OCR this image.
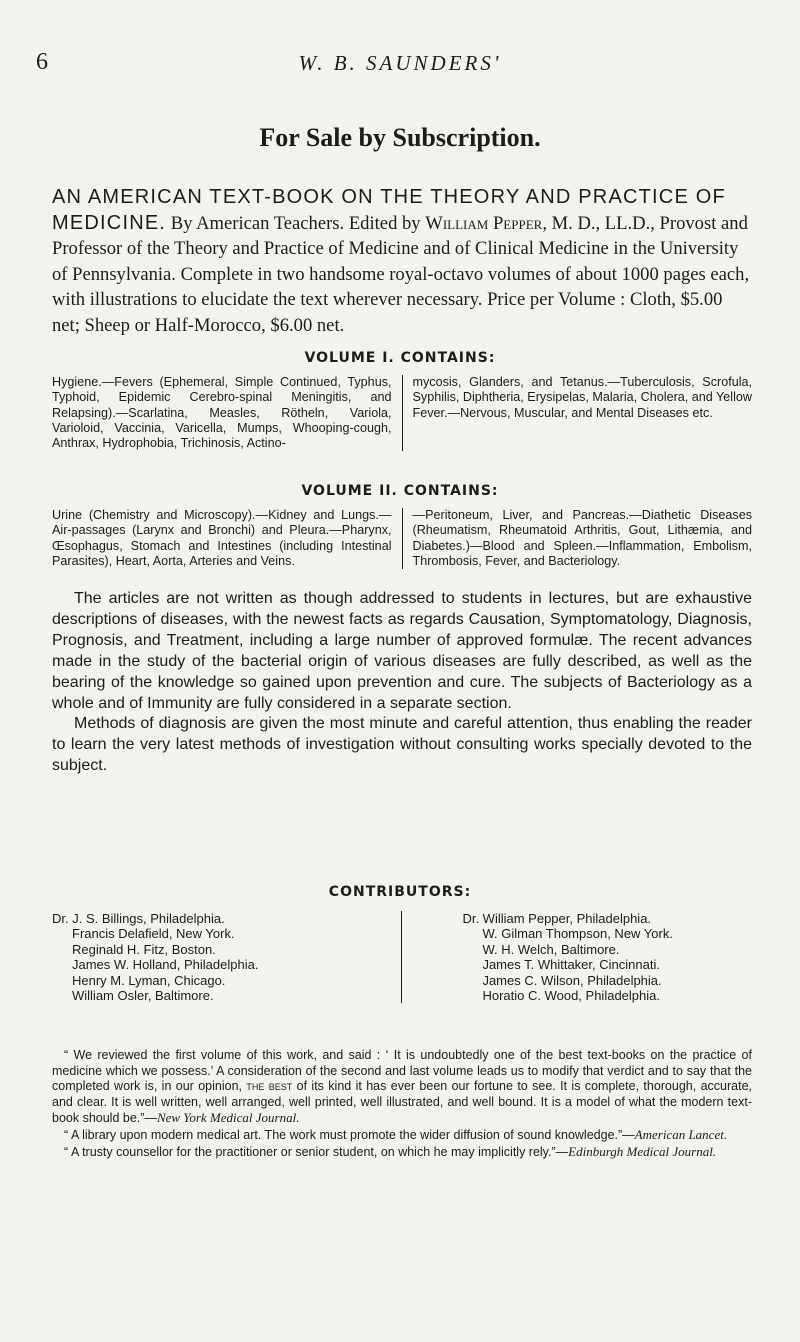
6	W. B. SAUNDERS'
For Sale by Subscription.
AN AMERICAN TEXT-BOOK ON THE THEORY AND PRACTICE OF MEDICINE. By American Teachers. Edited by William Pepper, M. D., LL.D., Provost and Professor of the Theory and Practice of Medicine and of Clinical Medicine in the University of Pennsylvania. Complete in two handsome royal-octavo volumes of about 1000 pages each, with illustrations to elucidate the text wherever necessary. Price per Volume : Cloth, $5.00 net; Sheep or Half-Morocco, $6.00 net.
VOLUME I. CONTAINS:
Hygiene.—Fevers (Ephemeral, Simple Continued, Typhus, Typhoid, Epidemic Cerebro-spinal Meningitis, and Relapsing).—Scarlatina, Measles, Rötheln, Variola, Varioloid, Vaccinia, Varicella, Mumps, Whooping-cough, Anthrax, Hydrophobia, Trichinosis, Actino-
mycosis, Glanders, and Tetanus.—Tuberculosis, Scrofula, Syphilis, Diphtheria, Erysipelas, Malaria, Cholera, and Yellow Fever.—Nervous, Muscular, and Mental Diseases etc.
VOLUME II. CONTAINS:
Urine (Chemistry and Microscopy).—Kidney and Lungs.—Air-passages (Larynx and Bronchi) and Pleura.—Pharynx, Œsophagus, Stomach and Intestines (including Intestinal Parasites), Heart, Aorta, Arteries and Veins.
—Peritoneum, Liver, and Pancreas.—Diathetic Diseases (Rheumatism, Rheumatoid Arthritis, Gout, Lithæmia, and Diabetes.)—Blood and Spleen.—Inflammation, Embolism, Thrombosis, Fever, and Bacteriology.

The articles are not written as though addressed to students in lectures, but are exhaustive descriptions of diseases, with the newest facts as regards Causation, Symptomatology, Diagnosis, Prognosis, and Treatment, including a large number of approved formulæ. The recent advances made in the study of the bacterial origin of various diseases are fully described, as well as the bearing of the knowledge so gained upon prevention and cure. The subjects of Bacteriology as a whole and of Immunity are fully considered in a separate section.

Methods of diagnosis are given the most minute and careful attention, thus enabling the reader to learn the very latest methods of investigation without consulting works specially devoted to the subject.

CONTRIBUTORS:
Dr. J. S. Billings, Philadelphia.
Francis Delafield, New York.
Reginald H. Fitz, Boston.
James W. Holland, Philadelphia.
Henry M. Lyman, Chicago.
William Osler, Baltimore.
Dr. William Pepper, Philadelphia.
W. Gilman Thompson, New York.
W. H. Welch, Baltimore.
James T. Whittaker, Cincinnati.
James C. Wilson, Philadelphia.
Horatio C. Wood, Philadelphia.

“ We reviewed the first volume of this work, and said : ‘ It is undoubtedly one of the best text-books on the practice of medicine which we possess.’ A consideration of the second and last volume leads us to modify that verdict and to say that the completed work is, in our opinion, the best of its kind it has ever been our fortune to see. It is complete, thorough, accurate, and clear. It is well written, well arranged, well printed, well illustrated, and well bound. It is a model of what the modern text-book should be.”—New York Medical Journal.

“ A library upon modern medical art. The work must promote the wider diffusion of sound knowledge.”—American Lancet.

“ A trusty counsellor for the practitioner or senior student, on which he may implicitly rely.”—Edinburgh Medical Journal.
